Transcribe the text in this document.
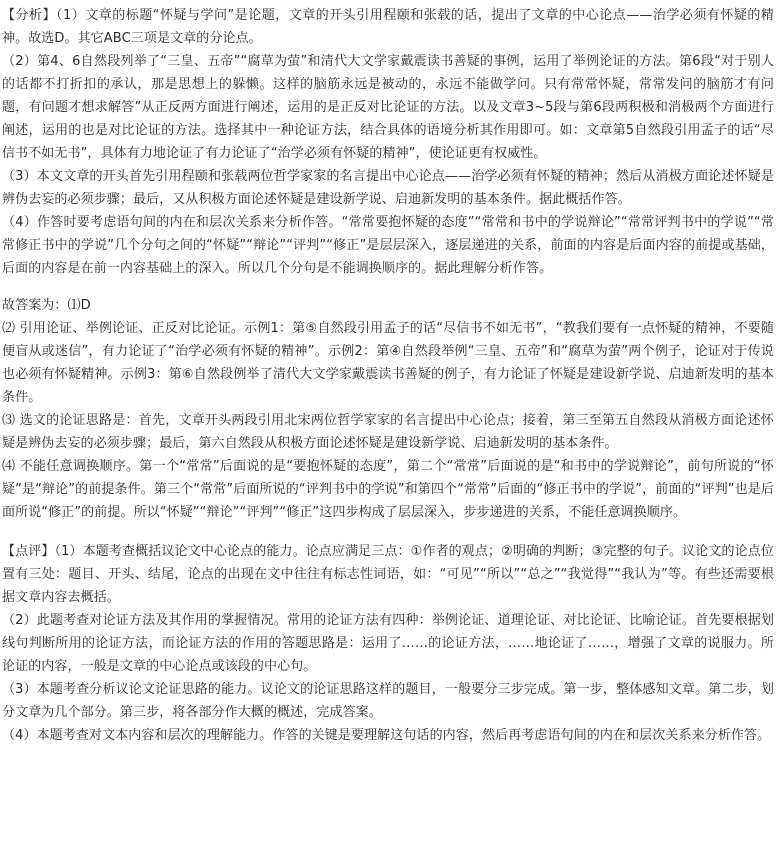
【分析】（1）文章的标题“怀疑与学问”是论题，文章的开头引用程颐和张载的话，提出了文章的中心论点——治学必须有怀疑的精神。故选D。其它ABC三项是文章的分论点。

（2）第4、6自然段列举了“三皇、五帝”“腐草为萤”和清代大文学家戴震读书善疑的事例，运用了举例论证的方法。第6段“对于别人的话都不打折扣的承认，那是思想上的躲懒。这样的脑筋永远是被动的，永远不能做学问。只有常常怀疑，常常发问的脑筋才有问题，有问题才想求解答”从正反两方面进行阐述，运用的是正反对比论证的方法。以及文章3~5段与第6段两积极和消极两个方面进行阐述，运用的也是对比论证的方法。选择其中一种论证方法，结合具体的语境分析其作用即可。如：文章第5自然段引用孟子的话“尽信书不如无书”，具体有力地论证了有力论证了“治学必须有怀疑的精神”，使论证更有权威性。

（3）本文文章的开头首先引用程颐和张载两位哲学家家的名言提出中心论点——治学必须有怀疑的精神；然后从消极方面论述怀疑是辨伪去妄的必须步骤；最后，又从积极方面论述怀疑是建设新学说、启迪新发明的基本条件。据此概括作答。

（4）作答时要考虑语句间的内在和层次关系来分析作答。“常常要抱怀疑的态度”“常常和书中的学说辩论”“常常评判书中的学说”“常常修正书中的学说”几个分句之间的“怀疑”“辩论”“评判”“修正”是层层深入，逐层递进的关系，前面的内容是后面内容的前提或基础，后面的内容是在前一内容基础上的深入。所以几个分句是不能调换顺序的。据此理解分析作答。

故答案为：⑴D

⑵ 引用论证、举例论证、正反对比论证。示例1：第⑤自然段引用孟子的话“尽信书不如无书”，“教我们要有一点怀疑的精神，不要随便盲从或迷信”，有力论证了“治学必须有怀疑的精神”。示例2：第④自然段举例“三皇、五帝”和“腐草为萤”两个例子，论证对于传说也必须有怀疑精神。示例3：第⑥自然段例举了清代大文学家戴震读书善疑的例子，有力论证了怀疑是建设新学说、启迪新发明的基本条件。

⑶ 选文的论证思路是：首先，文章开头两段引用北宋两位哲学家家的名言提出中心论点；接着，第三至第五自然段从消极方面论述怀疑是辨伪去妄的必须步骤；最后，第六自然段从积极方面论述怀疑是建设新学说、启迪新发明的基本条件。

⑷ 不能任意调换顺序。第一个“常常”后面说的是“要抱怀疑的态度”，第二个“常常”后面说的是“和书中的学说辩论”，前句所说的“怀疑”是“辩论”的前提条件。第三个“常常”后面所说的“评判书中的学说”和第四个“常常”后面的“修正书中的学说”，前面的“评判”也是后面所说“修正”的前提。所以“怀疑”“辩论”“评判”“修正”这四步构成了层层深入，步步递进的关系，不能任意调换顺序。

【点评】（1）本题考查概括议论文中心论点的能力。论点应满足三点：①作者的观点；②明确的判断；③完整的句子。议论文的论点位置有三处：题目、开头、结尾，论点的出现在文中往往有标志性词语，如：“可见”“所以”“总之”“我觉得”“我认为”等。有些还需要根据文章内容去概括。

（2）此题考查对论证方法及其作用的掌握情况。常用的论证方法有四种：举例论证、道理论证、对比论证、比喻论证。首先要根据划线句判断所用的论证方法，而论证方法的作用的答题思路是：运用了……的论证方法，……地论证了……，增强了文章的说服力。所论证的内容，一般是文章的中心论点或该段的中心句。

（3）本题考查分析议论文论证思路的能力。议论文的论证思路这样的题目，一般要分三步完成。第一步，整体感知文章。第二步，划分文章为几个部分。第三步，将各部分作大概的概述，完成答案。

（4）本题考查对文本内容和层次的理解能力。作答的关键是要理解这句话的内容，然后再考虑语句间的内在和层次关系来分析作答。
